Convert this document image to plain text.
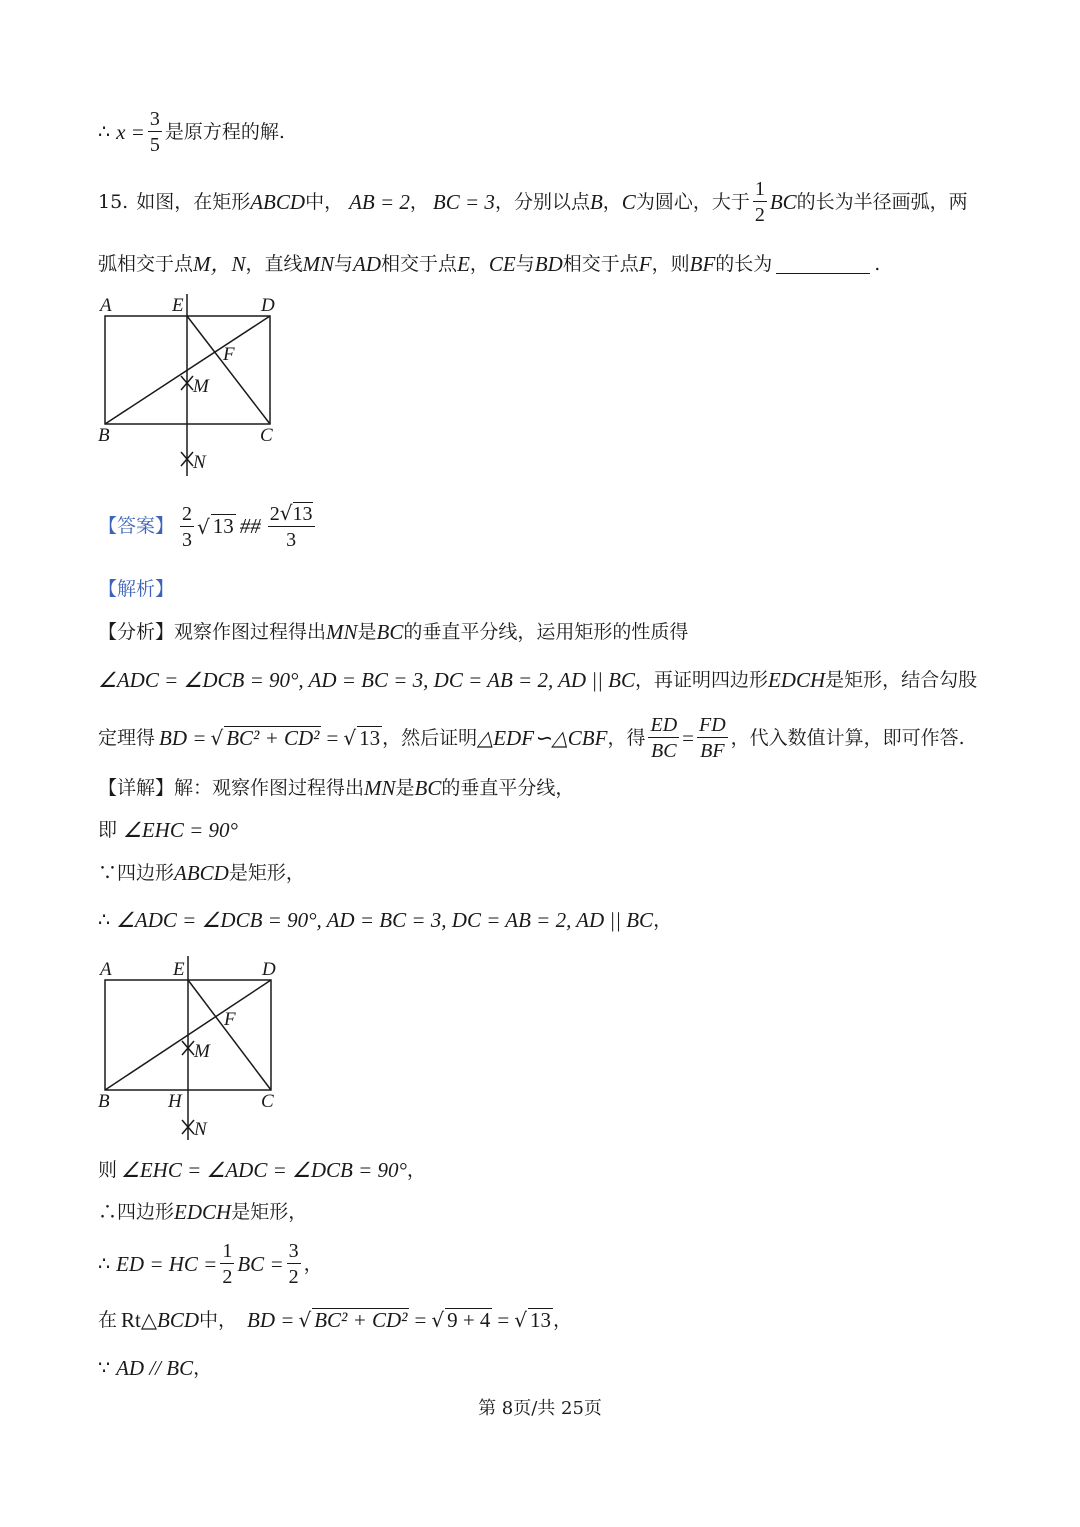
∴ $x = \frac{3}{5}$ 是原方程的解.
15. 如图，在矩形 ABCD 中， AB = 2 ， BC = 3 ，分别以点 B ， C 为圆心，大于 $\frac{1}{2}$ BC 的长为半径画弧，两
弧相交于点 M，N ，直线 MN 与 AD 相交于点 E ， CE 与 BD 相交于点 F ，则 BF 的长为	.
A	E	D
F
M
B	C
N
【答案】 $\frac{2}{3}$ √ 13 ## $\frac{2√13}{3}$
【解析】
【分析】 观察作图过程得出 MN 是 BC 的垂直平分线，运用矩形的性质得
∠ADC = ∠DCB = 90°, AD = BC = 3, DC = AB = 2, AD || BC ，再证明四边形 EDCH 是矩形，结合勾股
定理得 BD = √ BC² + CD² = √ 13 ，然后证明 △EDF∽△CBF ，得 $\frac{ED}{BC} = \frac{FD}{BF}$ ，代入数值计算，即可作答.
【详解】 解：观察作图过程得出 MN 是 BC 的垂直平分线，
即 ∠EHC = 90°
∵四边形 ABCD 是矩形，
∴ ∠ADC = ∠DCB = 90°, AD = BC = 3, DC = AB = 2, AD || BC ，
A	E	D
F
M
B	H	C
N
则 ∠EHC = ∠ADC = ∠DCB = 90° ，
∴四边形 EDCH 是矩形，
∴ ED = HC = $\frac{1}{2}$ BC = $\frac{3}{2}$ ，
在 Rt△ BCD 中， BD = √ BC² + CD² = √ 9 + 4 = √ 13 ，
∵ AD // BC ，
第 8页/共 25页
